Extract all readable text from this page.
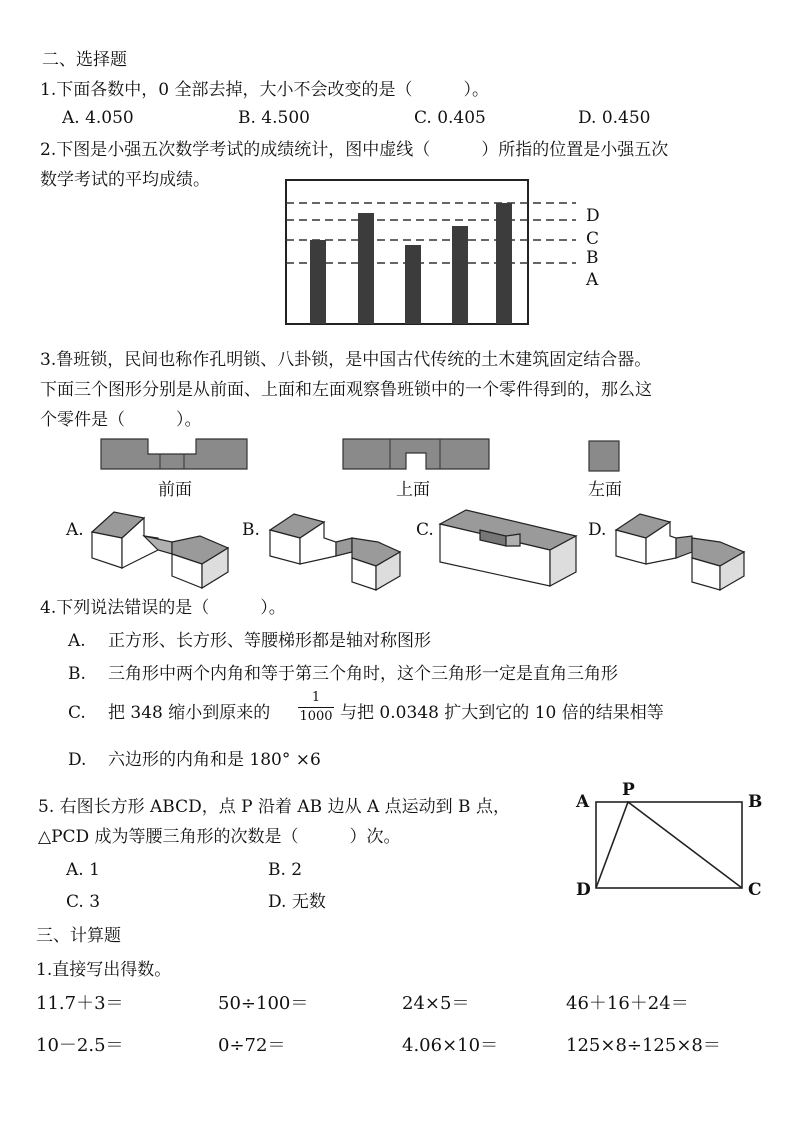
二、选择题
1.下面各数中，0 全部去掉，大小不会改变的是（　　　）。
A. 4.050	B. 4.500	C. 0.405	D. 0.450
2.下图是小强五次数学考试的成绩统计，图中虚线（　　　）所指的位置是小强五次
数学考试的平均成绩。
D
C
B
A
3.鲁班锁，民间也称作孔明锁、八卦锁，是中国古代传统的土木建筑固定结合器。
下面三个图形分别是从前面、上面和左面观察鲁班锁中的一个零件得到的，那么这
个零件是（　　　）。
前面	上面	左面
A.	B.	C.	D.
4.下列说法错误的是（　　　）。
A. 正方形、长方形、等腰梯形都是轴对称图形
B. 三角形中两个内角和等于第三个角时，这个三角形一定是直角三角形
C. 把 348 缩小到原来的
1
1000 与把 0.0348 扩大到它的 10 倍的结果相等
D. 六边形的内角和是 180° ×6
5. 右图长方形 ABCD，点 P 沿着 AB 边从 A 点运动到 B 点，
△PCD 成为等腰三角形的次数是（　　　）次。
A. 1	B. 2
C. 3	D. 无数
P
A	B
D	C
三、计算题
1.直接写出得数。
11.7＋3＝	50÷100＝	24×5＝	46＋16＋24＝
10－2.5＝	0÷72＝	4.06×10＝	125×8÷125×8＝
